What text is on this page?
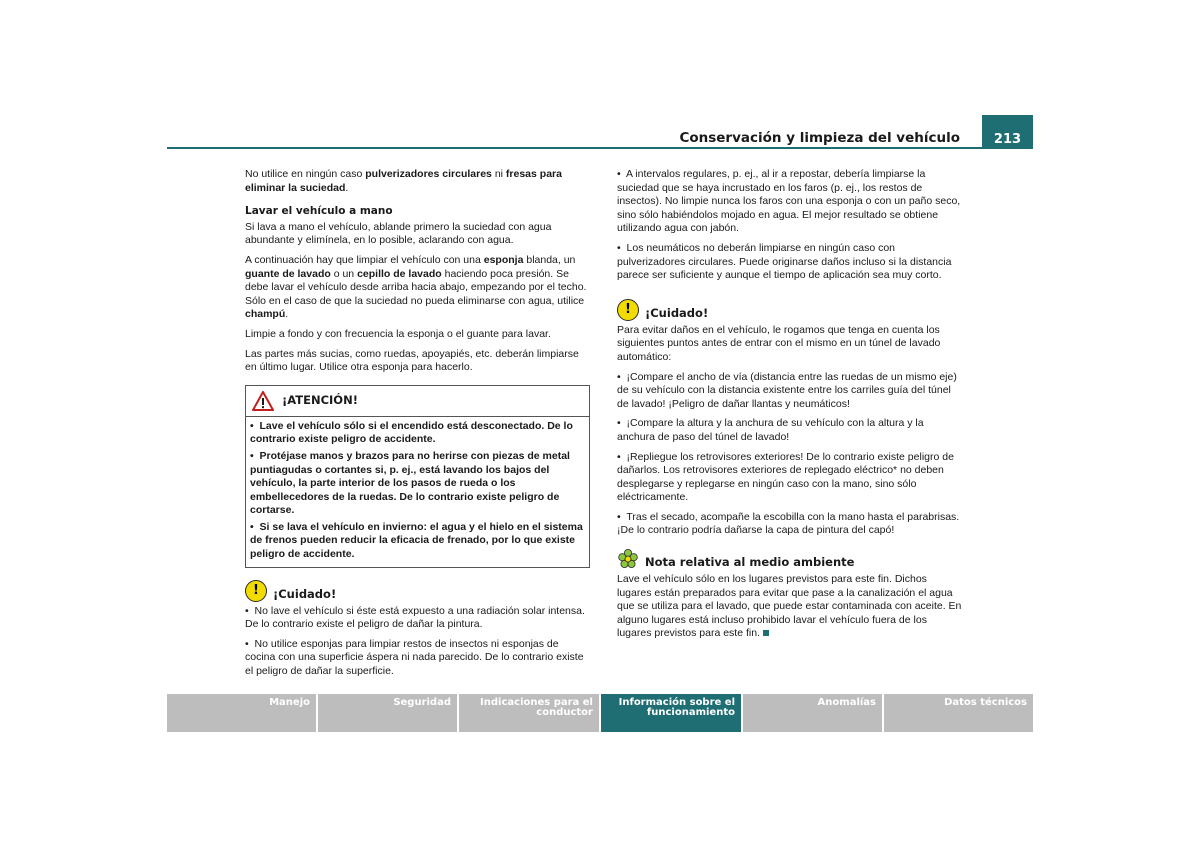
Conservación y limpieza del vehículo	213

No utilice en ningún caso pulverizadores circulares ni fresas para eliminar la suciedad.

Lavar el vehículo a mano

Si lava a mano el vehículo, ablande primero la suciedad con agua abundante y elimínela, en lo posible, aclarando con agua.

A continuación hay que limpiar el vehículo con una esponja blanda, un guante de lavado o un cepillo de lavado haciendo poca presión. Se debe lavar el vehículo desde arriba hacia abajo, empezando por el techo. Sólo en el caso de que la suciedad no pueda eliminarse con agua, utilice champú.

Limpie a fondo y con frecuencia la esponja o el guante para lavar.

Las partes más sucias, como ruedas, apoyapiés, etc. deberán limpiarse en último lugar. Utilice otra esponja para hacerlo.

¡ATENCIÓN!

•  Lave el vehículo sólo si el encendido está desconectado. De lo contrario existe peligro de accidente.

•  Protéjase manos y brazos para no herirse con piezas de metal puntiagudas o cortantes si, p. ej., está lavando los bajos del vehículo, la parte interior de los pasos de rueda o los embellecedores de la ruedas. De lo contrario existe peligro de cortarse.

•  Si se lava el vehículo en invierno: el agua y el hielo en el sistema de frenos pueden reducir la eficacia de frenado, por lo que existe peligro de accidente.

!	¡Cuidado!

•  No lave el vehículo si éste está expuesto a una radiación solar intensa. De lo contrario existe el peligro de dañar la pintura.

•  No utilice esponjas para limpiar restos de insectos ni esponjas de cocina con una superficie áspera ni nada parecido. De lo contrario existe el peligro de dañar la superficie.

•  A intervalos regulares, p. ej., al ir a repostar, debería limpiarse la suciedad que se haya incrustado en los faros (p. ej., los restos de insectos). No limpie nunca los faros con una esponja o con un paño seco, sino sólo habiéndolos mojado en agua. El mejor resultado se obtiene utilizando agua con jabón.

•  Los neumáticos no deberán limpiarse en ningún caso con pulverizadores circulares. Puede originarse daños incluso si la distancia parece ser suficiente y aunque el tiempo de aplicación sea muy corto.

!	¡Cuidado!

Para evitar daños en el vehículo, le rogamos que tenga en cuenta los siguientes puntos antes de entrar con el mismo en un túnel de lavado automático:

•  ¡Compare el ancho de vía (distancia entre las ruedas de un mismo eje) de su vehículo con la distancia existente entre los carriles guía del túnel de lavado! ¡Peligro de dañar llantas y neumáticos!

•  ¡Compare la altura y la anchura de su vehículo con la altura y la anchura de paso del túnel de lavado!

•  ¡Repliegue los retrovisores exteriores! De lo contrario existe peligro de dañarlos. Los retrovisores exteriores de replegado eléctrico* no deben desplegarse y replegarse en ningún caso con la mano, sino sólo eléctricamente.

•  Tras el secado, acompañe la escobilla con la mano hasta el parabrisas. ¡De lo contrario podría dañarse la capa de pintura del capó!

Nota relativa al medio ambiente

Lave el vehículo sólo en los lugares previstos para este fin. Dichos lugares están preparados para evitar que pase a la canalización el agua que se utiliza para el lavado, que puede estar contaminada con aceite. En alguno lugares está incluso prohibido lavar el vehículo fuera de los lugares previstos para este fin.

Manejo	Seguridad	Indicaciones para el
conductor
Información sobre el
funcionamiento
Anomalías	Datos técnicos
